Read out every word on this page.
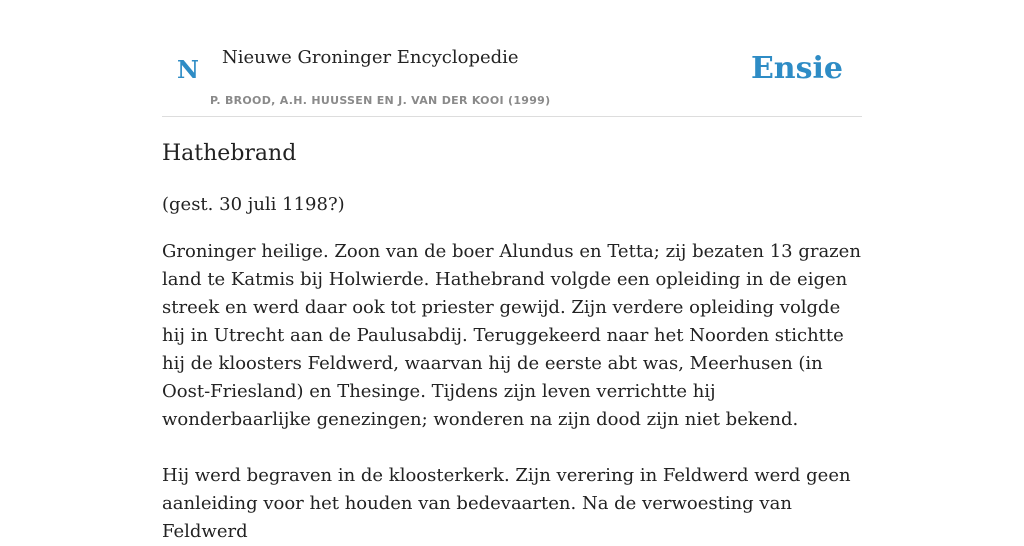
N Nieuwe Groninger Encyclopedie
P. BROOD, A.H. HUUSSEN EN J. VAN DER KOOI (1999)
Ensie
Hathebrand

(gest. 30 juli 1198?)

Groninger heilige. Zoon van de boer Alundus en Tetta; zij bezaten 13 grazen land te Katmis bij Holwierde. Hathebrand volgde een opleiding in de eigen streek en werd daar ook tot priester gewijd. Zijn verdere opleiding volgde hij in Utrecht aan de Paulusabdij. Teruggekeerd naar het Noorden stichtte hij de kloosters Feldwerd, waarvan hij de eerste abt was, Meerhusen (in Oost-Friesland) en Thesinge. Tijdens zijn leven verrichtte hij wonderbaarlijke genezingen; wonderen na zijn dood zijn niet bekend.

Hij werd begraven in de kloosterkerk. Zijn verering in Feldwerd werd geen aanleiding voor het houden van bedevaarten. Na de verwoesting van Feldwerd
